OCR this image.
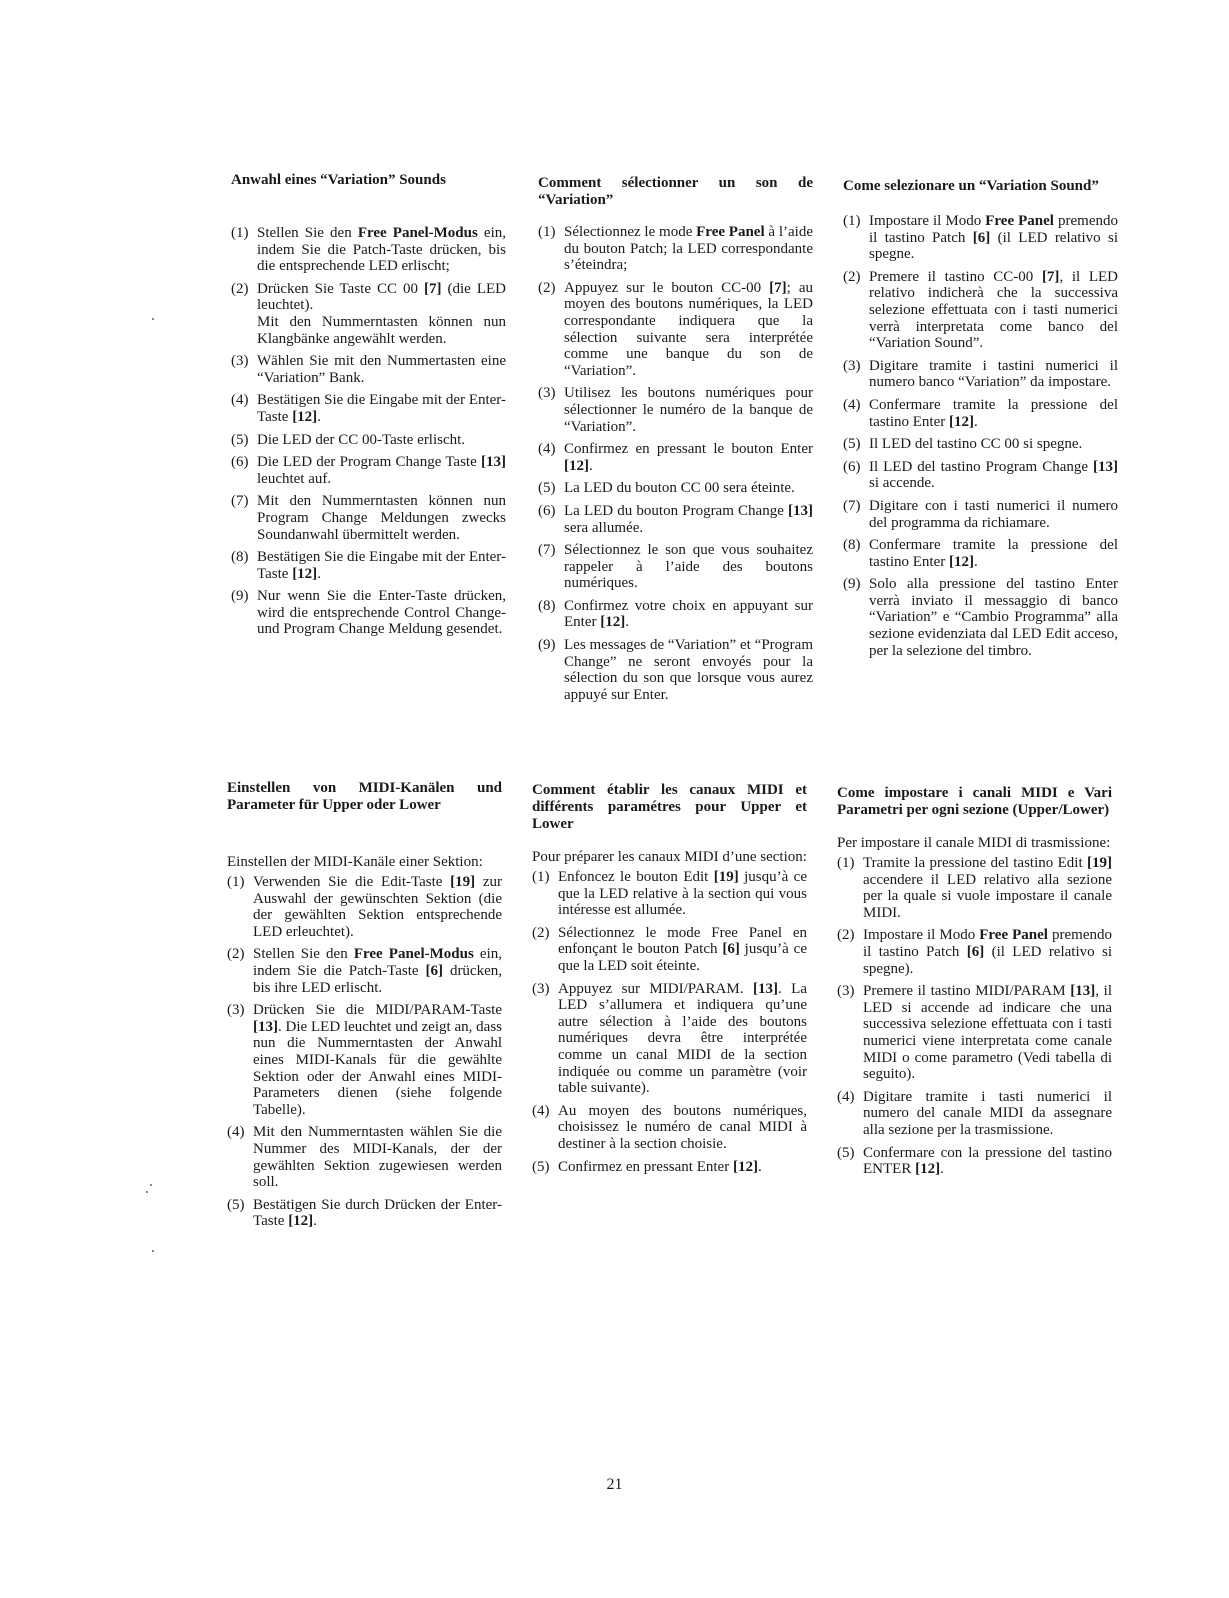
Anwahl eines “Variation” Sounds
(1) Stellen Sie den Free Panel-Modus ein, indem Sie die Patch-Taste drücken, bis die entsprechende LED erlischt;
(2) Drücken Sie Taste CC 00 [7] (die LED leuchtet).
Mit den Nummerntasten können nun Klangbänke angewählt werden.
(3) Wählen Sie mit den Nummertasten eine “Variation” Bank.
(4) Bestätigen Sie die Eingabe mit der Enter-Taste [12].
(5) Die LED der CC 00-Taste erlischt.
(6) Die LED der Program Change Taste [13] leuchtet auf.
(7) Mit den Nummerntasten können nun Program Change Meldungen zwecks Soundanwahl übermittelt werden.
(8) Bestätigen Sie die Eingabe mit der Enter-Taste [12].
(9) Nur wenn Sie die Enter-Taste drücken, wird die entsprechende Control Change- und Program Change Meldung gesendet.
Comment sélectionner un son de “Variation”
(1) Sélectionnez le mode Free Panel à l’aide du bouton Patch; la LED correspondante s’éteindra;
(2) Appuyez sur le bouton CC-00 [7]; au moyen des boutons numériques, la LED correspondante indiquera que la sélection suivante sera interprétée comme une banque du son de “Variation”.
(3) Utilisez les boutons numériques pour sélectionner le numéro de la banque de “Variation”.
(4) Confirmez en pressant le bouton Enter [12].
(5) La LED du bouton CC 00 sera éteinte.
(6) La LED du bouton Program Change [13] sera allumée.
(7) Sélectionnez le son que vous souhaitez rappeler à l’aide des boutons numériques.
(8) Confirmez votre choix en appuyant sur Enter [12].
(9) Les messages de “Variation” et “Program Change” ne seront envoyés pour la sélection du son que lorsque vous aurez appuyé sur Enter.
Come selezionare un “Variation Sound”
(1) Impostare il Modo Free Panel premendo il tastino Patch [6] (il LED relativo si spegne.
(2) Premere il tastino CC-00 [7], il LED relativo indicherà che la successiva selezione effettuata con i tasti numerici verrà interpretata come banco del “Variation Sound”.
(3) Digitare tramite i tastini numerici il numero banco “Variation” da impostare.
(4) Confermare tramite la pressione del tastino Enter [12].
(5) Il LED del tastino CC 00 si spegne.
(6) Il LED del tastino Program Change [13] si accende.
(7) Digitare con i tasti numerici il numero del programma da richiamare.
(8) Confermare tramite la pressione del tastino Enter [12].
(9) Solo alla pressione del tastino Enter verrà inviato il messaggio di banco “Variation” e “Cambio Programma” alla sezione evidenziata dal LED Edit acceso, per la selezione del timbro.
Einstellen von MIDI-Kanälen und Parameter für Upper oder Lower

Einstellen der MIDI-Kanäle einer Sektion:

(1) Verwenden Sie die Edit-Taste [19] zur Auswahl der gewünschten Sektion (die der gewählten Sektion entsprechende LED erleuchtet).
(2) Stellen Sie den Free Panel-Modus ein, indem Sie die Patch-Taste [6] drücken, bis ihre LED erlischt.
(3) Drücken Sie die MIDI/PARAM-Taste [13]. Die LED leuchtet und zeigt an, dass nun die Nummerntasten der Anwahl eines MIDI-Kanals für die gewählte Sektion oder der Anwahl eines MIDI-Parameters dienen (siehe folgende Tabelle).
(4) Mit den Nummerntasten wählen Sie die Nummer des MIDI-Kanals, der der gewählten Sektion zugewiesen werden soll.
(5) Bestätigen Sie durch Drücken der Enter-Taste [12].
Comment établir les canaux MIDI et différents paramétres pour Upper et Lower

Pour préparer les canaux MIDI d’une section:

(1) Enfoncez le bouton Edit [19] jusqu’à ce que la LED relative à la section qui vous intéresse est allumée.
(2) Sélectionnez le mode Free Panel en enfonçant le bouton Patch [6] jusqu’à ce que la LED soit éteinte.
(3) Appuyez sur MIDI/PARAM. [13]. La LED s’allumera et indiquera qu’une autre sélection à l’aide des boutons numériques devra être interprétée comme un canal MIDI de la section indiquée ou comme un paramètre (voir table suivante).
(4) Au moyen des boutons numériques, choisissez le numéro de canal MIDI à destiner à la section choisie.
(5) Confirmez en pressant Enter [12].
Come impostare i canali MIDI e Vari Parametri per ogni sezione (Upper/Lower)

Per impostare il canale MIDI di trasmissione:

(1) Tramite la pressione del tastino Edit [19] accendere il LED relativo alla sezione per la quale si vuole impostare il canale MIDI.
(2) Impostare il Modo Free Panel premendo il tastino Patch [6] (il LED relativo si spegne).
(3) Premere il tastino MIDI/PARAM [13], il LED si accende ad indicare che una successiva selezione effettuata con i tasti numerici viene interpretata come canale MIDI o come parametro (Vedi tabella di seguito).
(4) Digitare tramite i tasti numerici il numero del canale MIDI da assegnare alla sezione per la trasmissione.
(5) Confermare con la pressione del tastino ENTER [12].
21
